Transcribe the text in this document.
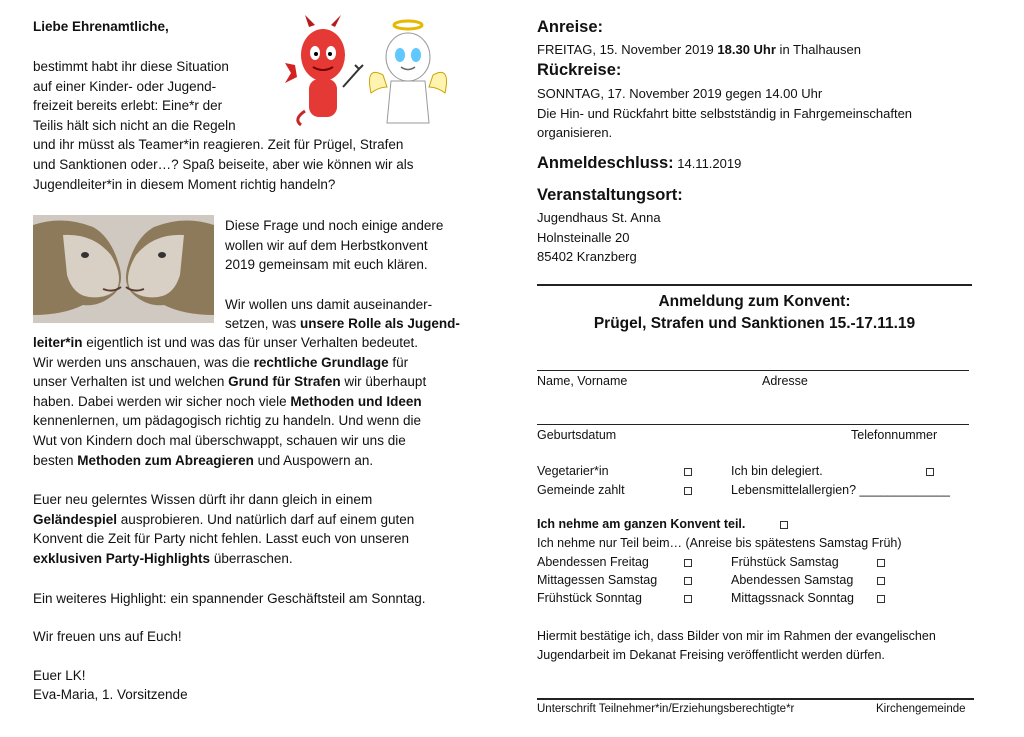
Liebe Ehrenamtliche,
bestimmt habt ihr diese Situation
auf einer Kinder- oder Jugend-
freizeit bereits erlebt: Eine*r der
Teilis hält sich nicht an die Regeln
und ihr müsst als Teamer*in reagieren. Zeit für Prügel, Strafen
und Sanktionen oder…? Spaß beiseite, aber wie können wir als
Jugendleiter*in in diesem Moment richtig handeln?
Diese Frage und noch einige andere
wollen wir auf dem Herbstkonvent
2019 gemeinsam mit euch klären.
Wir wollen uns damit auseinander-
setzen, was unsere Rolle als Jugend-
leiter*in eigentlich ist und was das für unser Verhalten bedeutet.
Wir werden uns anschauen, was die rechtliche Grundlage für
unser Verhalten ist und welchen Grund für Strafen wir überhaupt
haben. Dabei werden wir sicher noch viele Methoden und Ideen
kennenlernen, um pädagogisch richtig zu handeln. Und wenn die
Wut von Kindern doch mal überschwappt, schauen wir uns die
besten Methoden zum Abreagieren und Auspowern an.
Euer neu gelerntes Wissen dürft ihr dann gleich in einem
Geländespiel ausprobieren. Und natürlich darf auf einem guten
Konvent die Zeit für Party nicht fehlen. Lasst euch von unseren
exklusiven Party-Highlights überraschen.
Ein weiteres Highlight: ein spannender Geschäftsteil am Sonntag.
Wir freuen uns auf Euch!
Euer LK!
Eva-Maria, 1. Vorsitzende
Anreise:
FREITAG, 15. November 2019 18.30 Uhr in Thalhausen
Rückreise:
SONNTAG, 17. November 2019 gegen 14.00 Uhr
Die Hin- und Rückfahrt bitte selbstständig in Fahrgemeinschaften
organisieren.
Anmeldeschluss: 14.11.2019
Veranstaltungsort:
Jugendhaus St. Anna
Holnsteinalle 20
85402 Kranzberg
Anmeldung zum Konvent:
Prügel, Strafen und Sanktionen 15.-17.11.19
Name, Vorname	Adresse
Geburtsdatum	Telefonnummer
Vegetarier*in	Ich bin delegiert.
Gemeinde zahlt	Lebensmittelallergien? _____________
Ich nehme am ganzen Konvent teil.
Ich nehme nur Teil beim… (Anreise bis spätestens Samstag Früh)
Abendessen Freitag	Frühstück Samstag
Mittagessen Samstag	Abendessen Samstag
Frühstück Sonntag	Mittagssnack Sonntag
Hiermit bestätige ich, dass Bilder von mir im Rahmen der evangelischen
Jugendarbeit im Dekanat Freising veröffentlicht werden dürfen.
Unterschrift Teilnehmer*in/Erziehungsberechtigte*r	Kirchengemeinde
